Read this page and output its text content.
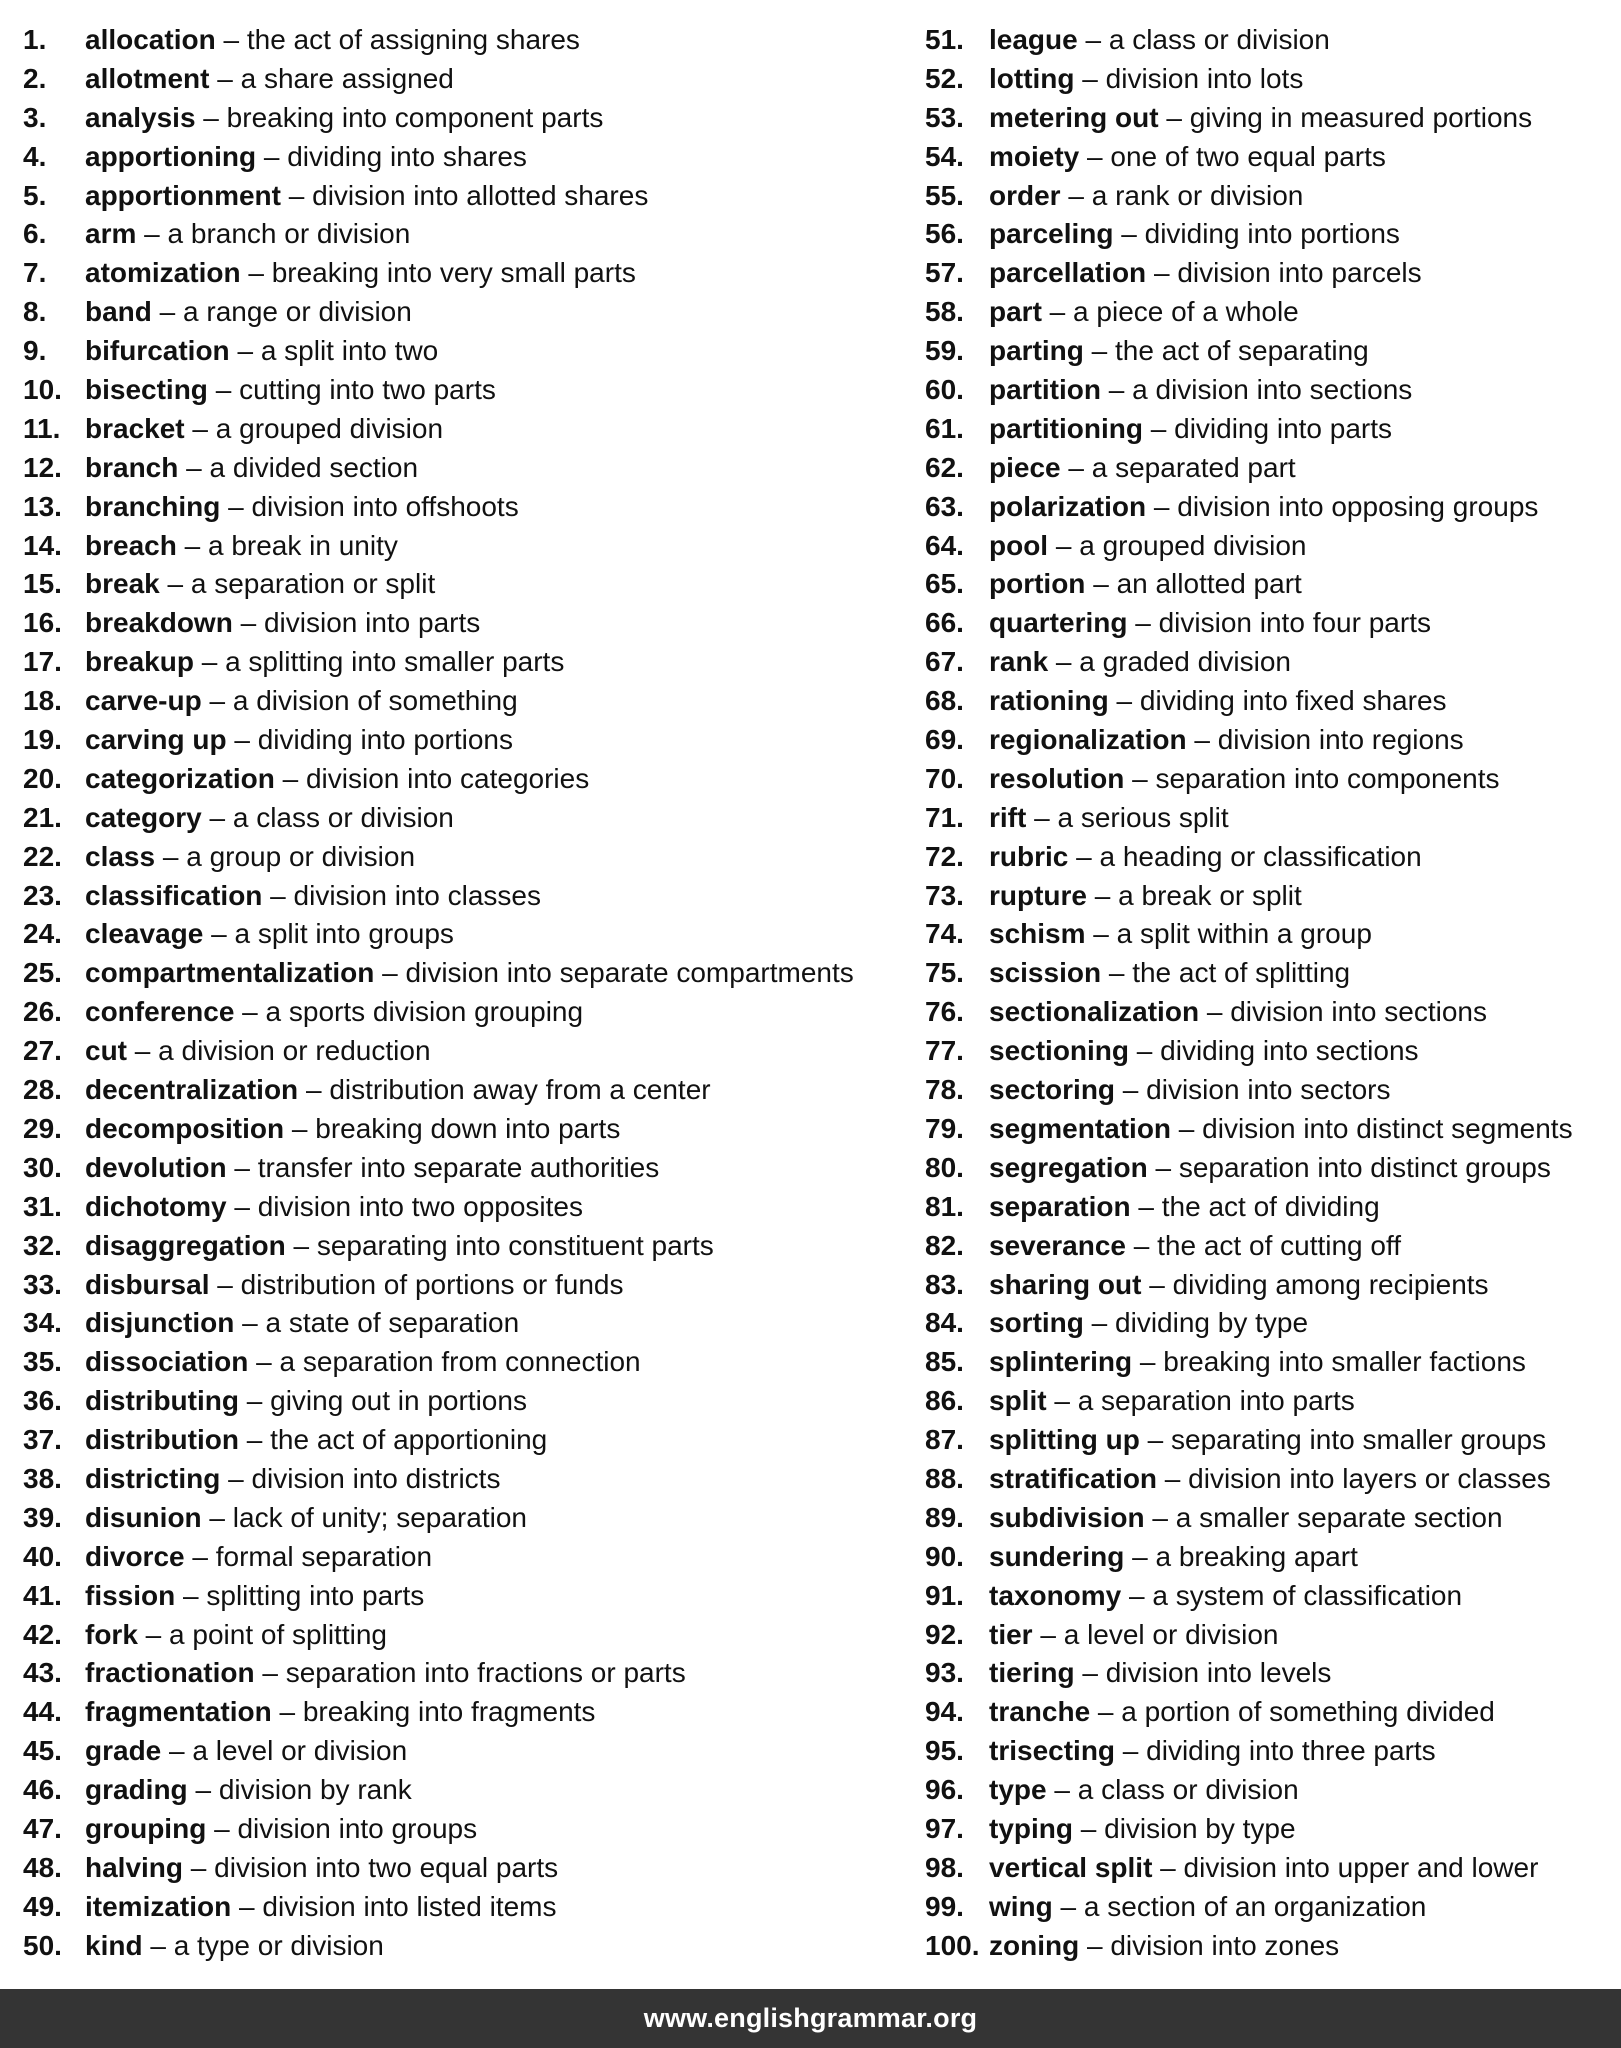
1.	allocation – the act of assigning shares
2.	allotment – a share assigned
3.	analysis – breaking into component parts
4.	apportioning – dividing into shares
5.	apportionment – division into allotted shares
6.	arm – a branch or division
7.	atomization – breaking into very small parts
8.	band – a range or division
9.	bifurcation – a split into two
10. bisecting – cutting into two parts
11. bracket – a grouped division
12. branch – a divided section
13. branching – division into offshoots
14. breach – a break in unity
15. break – a separation or split
16. breakdown – division into parts
17. breakup – a splitting into smaller parts
18. carve-up – a division of something
19. carving up – dividing into portions
20. categorization – division into categories
21. category – a class or division
22. class – a group or division
23. classification – division into classes
24. cleavage – a split into groups
25. compartmentalization – division into separate compartments
26. conference – a sports division grouping
27. cut – a division or reduction
28. decentralization – distribution away from a center
29. decomposition – breaking down into parts
30. devolution – transfer into separate authorities
31. dichotomy – division into two opposites
32. disaggregation – separating into constituent parts
33. disbursal – distribution of portions or funds
34. disjunction – a state of separation
35. dissociation – a separation from connection
36. distributing – giving out in portions
37. distribution – the act of apportioning
38. districting – division into districts
39. disunion – lack of unity; separation
40. divorce – formal separation
41. fission – splitting into parts
42. fork – a point of splitting
43. fractionation – separation into fractions or parts
44. fragmentation – breaking into fragments
45. grade – a level or division
46. grading – division by rank
47. grouping – division into groups
48. halving – division into two equal parts
49. itemization – division into listed items
50. kind – a type or division
51. league – a class or division
52. lotting – division into lots
53. metering out – giving in measured portions
54. moiety – one of two equal parts
55. order – a rank or division
56. parceling – dividing into portions
57. parcellation – division into parcels
58. part – a piece of a whole
59. parting – the act of separating
60. partition – a division into sections
61. partitioning – dividing into parts
62. piece – a separated part
63. polarization – division into opposing groups
64. pool – a grouped division
65. portion – an allotted part
66. quartering – division into four parts
67. rank – a graded division
68. rationing – dividing into fixed shares
69. regionalization – division into regions
70. resolution – separation into components
71. rift – a serious split
72. rubric – a heading or classification
73. rupture – a break or split
74. schism – a split within a group
75. scission – the act of splitting
76. sectionalization – division into sections
77. sectioning – dividing into sections
78. sectoring – division into sectors
79. segmentation – division into distinct segments
80. segregation – separation into distinct groups
81. separation – the act of dividing
82. severance – the act of cutting off
83. sharing out – dividing among recipients
84. sorting – dividing by type
85. splintering – breaking into smaller factions
86. split – a separation into parts
87. splitting up – separating into smaller groups
88. stratification – division into layers or classes
89. subdivision – a smaller separate section
90. sundering – a breaking apart
91. taxonomy – a system of classification
92. tier – a level or division
93. tiering – division into levels
94. tranche – a portion of something divided
95. trisecting – dividing into three parts
96. type – a class or division
97. typing – division by type
98. vertical split – division into upper and lower
99. wing – a section of an organization
100. zoning – division into zones
www.englishgrammar.org
